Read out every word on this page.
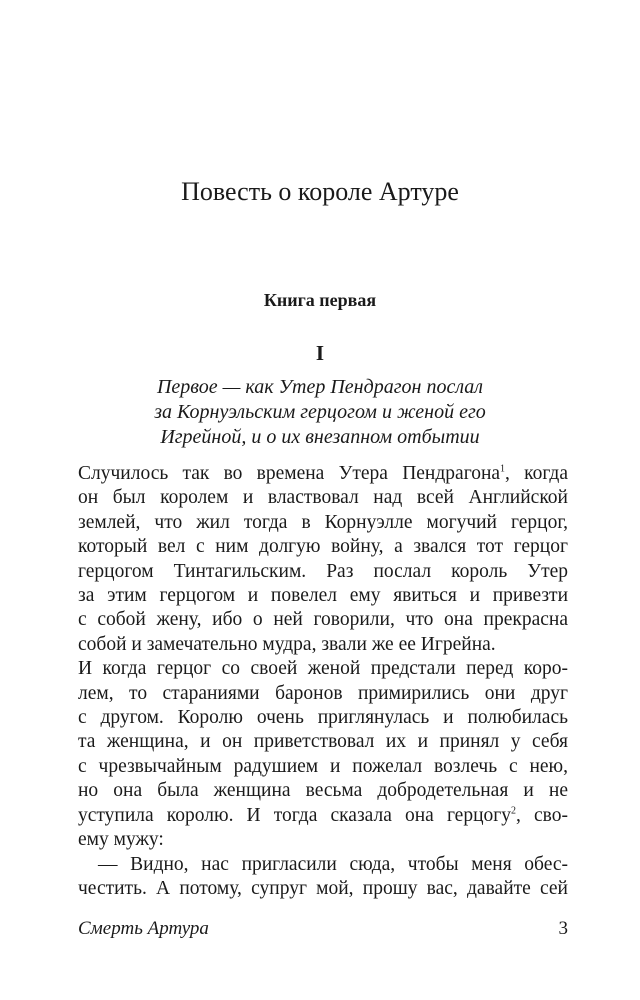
Повесть о короле Артуре
Книга первая
I
Первое — как Утер Пендрагон послал
за Корнуэльским герцогом и женой его
Игрейной, и о их внезапном отбытии
Случилось так во времена Утера Пендрагона$^1$, когда
он был королем и властвовал над всей Английской
землей, что жил тогда в Корнуэлле могучий герцог,
который вел с ним долгую войну, а звался тот герцог
герцогом Тинтагильским. Раз послал король Утер
за этим герцогом и повелел ему явиться и привезти
с собой жену, ибо о ней говорили, что она прекрасна
собой и замечательно мудра, звали же ее Игрейна.
И когда герцог со своей женой предстали перед коро-
лем, то стараниями баронов примирились они друг
с другом. Королю очень приглянулась и полюбилась
та женщина, и он приветствовал их и принял у себя
с чрезвычайным радушием и пожелал возлечь с нею,
но она была женщина весьма добродетельная и не
уступила королю. И тогда сказала она герцогу$^2$, сво-
ему мужу:
— Видно, нас пригласили сюда, чтобы меня обес-
честить. А потому, супруг мой, прошу вас, давайте сей

Смерть Артура	3
